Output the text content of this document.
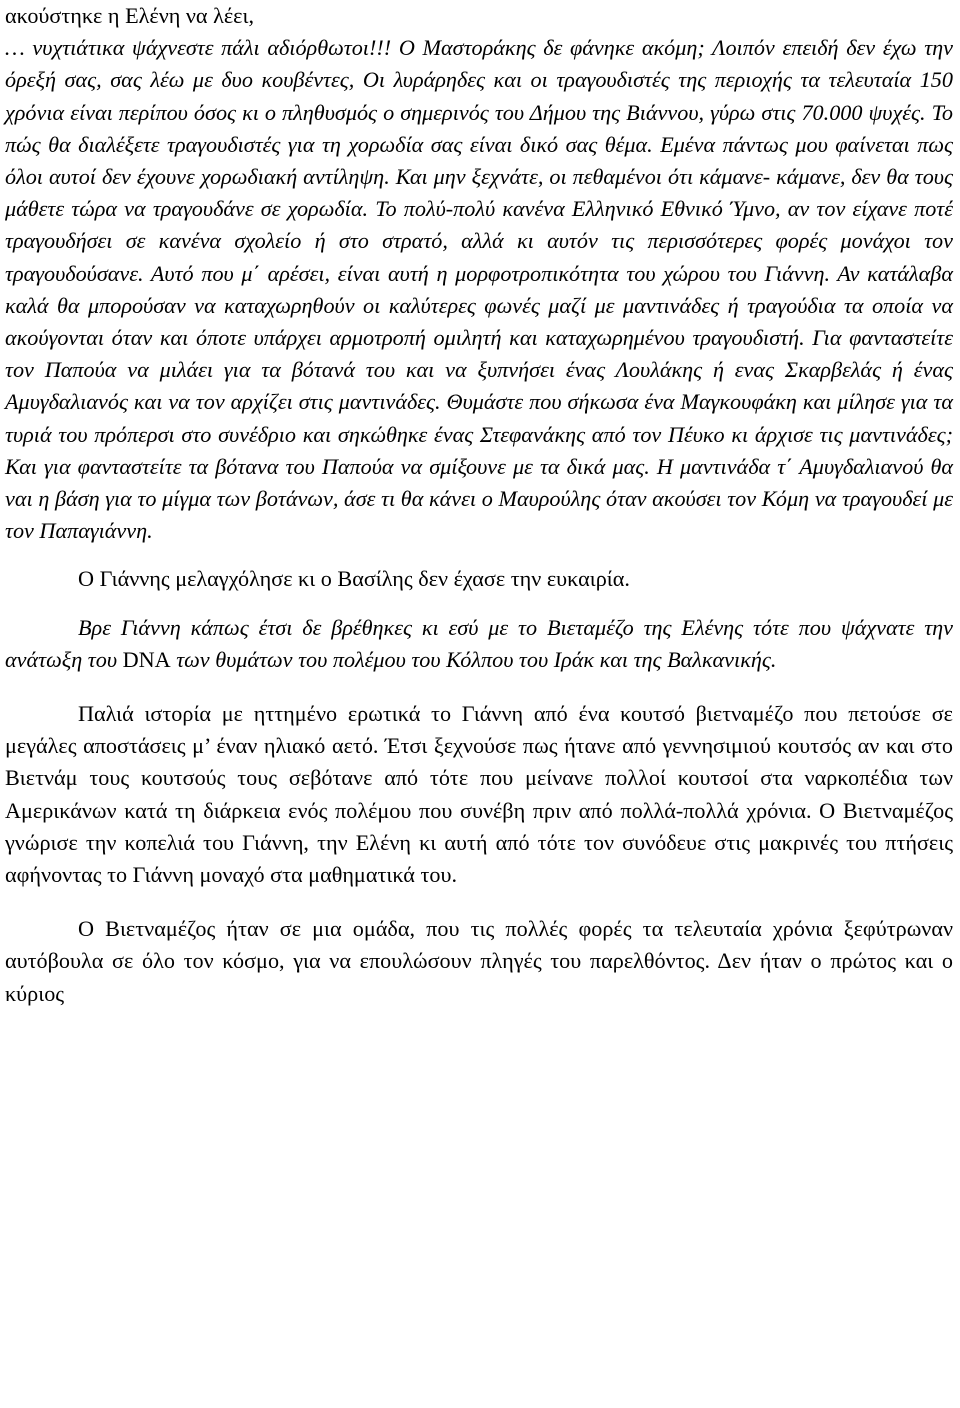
ακούστηκε η Ελένη να λέει,

… νυχτιάτικα ψάχνεστε πάλι αδιόρθωτοι!!! Ο Μαστοράκης δε φάνηκε ακόμη; Λοιπόν επειδή δεν έχω την όρεξή σας, σας λέω με δυο κουβέντες, Οι λυράρηδες και οι τραγουδιστές της περιοχής τα τελευταία 150 χρόνια είναι περίπου όσος κι ο πληθυσμός ο σημερινός του Δήμου της Βιάννου, γύρω στις 70.000 ψυχές. Το πώς θα διαλέξετε τραγουδιστές για τη χορωδία σας είναι δικό σας θέμα. Εμένα πάντως μου φαίνεται πως όλοι αυτοί δεν έχουνε χορωδιακή αντίληψη. Και μην ξεχνάτε, οι πεθαμένοι ότι κάμανε- κάμανε, δεν θα τους μάθετε τώρα να τραγουδάνε σε χορωδία. Το πολύ-πολύ κανένα Ελληνικό Εθνικό Ύμνο, αν τον είχανε ποτέ τραγουδήσει σε κανένα σχολείο ή στο στρατό, αλλά κι αυτόν τις περισσότερες φορές μονάχοι τον τραγουδούσανε. Αυτό που μ΄ αρέσει, είναι αυτή η μορφοτροπικότητα του χώρου του Γιάννη. Αν κατάλαβα καλά θα μπορούσαν να καταχωρηθούν οι καλύτερες φωνές μαζί με μαντινάδες ή τραγούδια τα οποία να ακούγονται όταν και όποτε υπάρχει αρμοτροπή ομιλητή και καταχωρημένου τραγουδιστή. Για φανταστείτε τον Παπούα να μιλάει για τα βότανά του και να ξυπνήσει ένας Λουλάκης ή ενας Σκαρβελάς ή ένας Αμυγδαλιανός και να τον αρχίζει στις μαντινάδες. Θυμάστε που σήκωσα ένα Μαγκουφάκη και μίλησε για τα τυριά του πρόπερσι στο συνέδριο και σηκώθηκε ένας Στεφανάκης από τον Πέυκο κι άρχισε τις μαντινάδες; Και για φανταστείτε τα βότανα του Παπούα να σμίξουνε με τα δικά μας. Η μαντινάδα τ΄ Αμυγδαλιανού θα ναι η βάση για το μίγμα των βοτάνων, άσε τι θα κάνει ο Μαυρούλης όταν ακούσει τον Κόμη να τραγουδεί με τον Παπαγιάννη.

Ο Γιάννης μελαγχόλησε κι ο Βασίλης δεν έχασε την ευκαιρία.

Βρε Γιάννη κάπως έτσι δε βρέθηκες κι εσύ με το Βιεταμέζο της Ελένης τότε που ψάχνατε την ανάτωξη του DNA των θυμάτων του πολέμου του Κόλπου του Ιράκ και της Βαλκανικής.

Παλιά ιστορία με ηττημένο ερωτικά το Γιάννη από ένα κουτσό βιετναμέζο που πετούσε σε μεγάλες αποστάσεις μ’ έναν ηλιακό αετό. Έτσι ξεχνούσε πως ήτανε από γεννησιμιού κουτσός αν και στο Βιετνάμ τους κουτσούς τους σεβότανε από τότε που μείνανε πολλοί κουτσοί στα ναρκοπέδια των Αμερικάνων κατά τη διάρκεια ενός πολέμου που συνέβη πριν από πολλά-πολλά χρόνια. Ο Βιετναμέζος γνώρισε την κοπελιά του Γιάννη, την Ελένη κι αυτή από τότε τον συνόδευε στις μακρινές του πτήσεις αφήνοντας το Γιάννη μοναχό στα μαθηματικά του.

Ο Βιετναμέζος ήταν σε μια ομάδα, που τις πολλές φορές τα τελευταία χρόνια ξεφύτρωναν αυτόβουλα σε όλο τον κόσμο, για να επουλώσουν πληγές του παρελθόντος. Δεν ήταν ο πρώτος και ο κύριος
